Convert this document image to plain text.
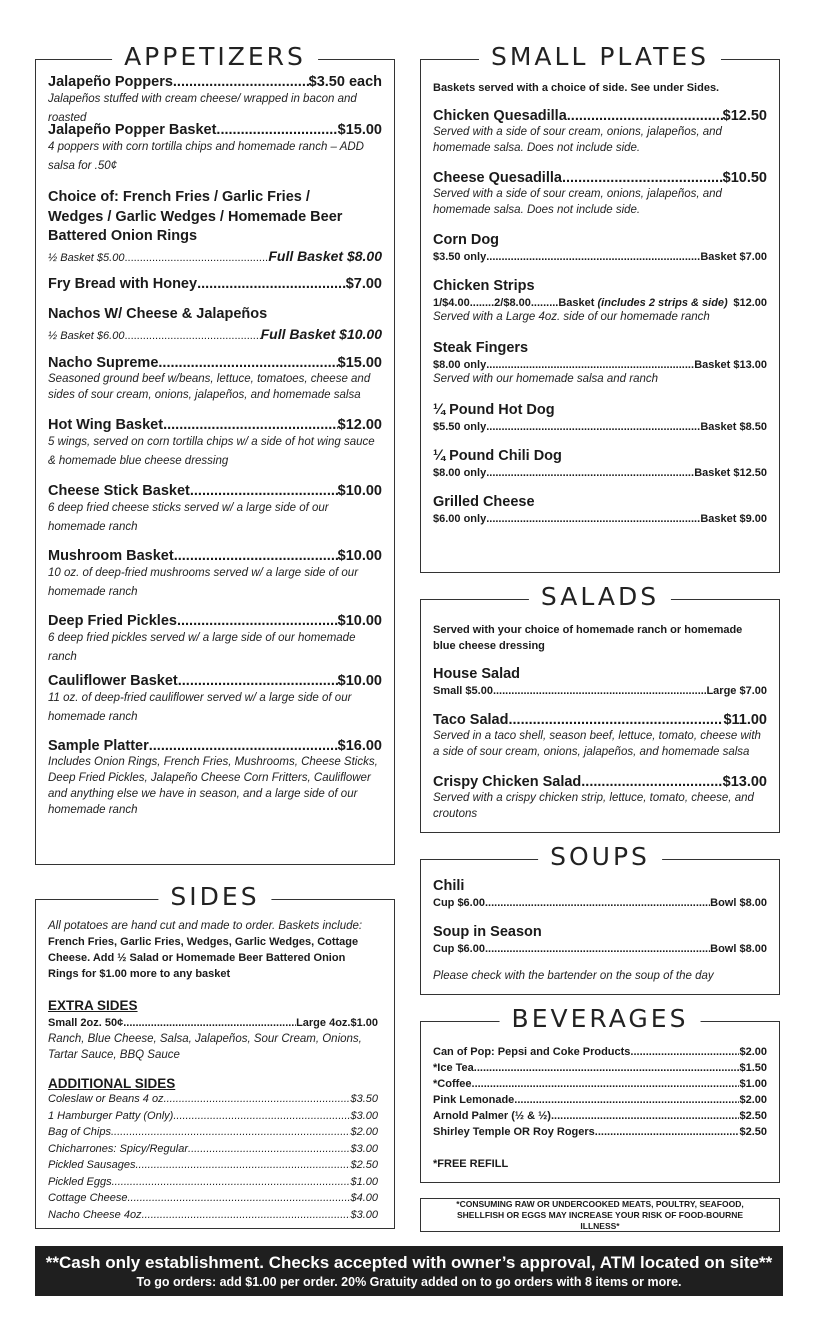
APPETIZERS
Jalapeño Poppers .....	$3.50 each
Jalapeños stuffed with cream cheese/ wrapped in bacon and roasted
Jalapeño Popper Basket .....	$15.00
4 poppers with corn tortilla chips and homemade ranch – ADD salsa for .50¢
Choice of: French Fries / Garlic Fries / Wedges / Garlic Wedges / Homemade Beer Battered Onion Rings
½ Basket $5.00 .....	Full Basket $8.00
Fry Bread with Honey .....	$7.00
Nachos W/ Cheese & Jalapeños
½ Basket $6.00 .....	Full Basket $10.00
Nacho Supreme .....	$15.00
Seasoned ground beef w/beans, lettuce, tomatoes, cheese and sides of sour cream, onions, jalapeños, and homemade salsa
Hot Wing Basket .....	$12.00
5 wings, served on corn tortilla chips w/ a side of hot wing sauce & homemade blue cheese dressing
Cheese Stick Basket .....	$10.00
6 deep fried cheese sticks served w/ a large side of our homemade ranch
Mushroom Basket .....	$10.00
10 oz. of deep-fried mushrooms served w/ a large side of our homemade ranch
Deep Fried Pickles .....	$10.00
6 deep fried pickles served w/ a large side of our homemade ranch
Cauliflower Basket .....	$10.00
11 oz. of deep-fried cauliflower served w/ a large side of our homemade ranch
Sample Platter .....	$16.00
Includes Onion Rings, French Fries, Mushrooms, Cheese Sticks, Deep Fried Pickles, Jalapeño Cheese Corn Fritters, Cauliflower and anything else we have in season, and a large side of our homemade ranch
SIDES
All potatoes are hand cut and made to order. Baskets include:
French Fries, Garlic Fries, Wedges, Garlic Wedges, Cottage Cheese. Add ½ Salad or Homemade Beer Battered Onion Rings for $1.00 more to any basket
EXTRA SIDES
Small 2oz. 50¢ .....	Large 4oz.$1.00
Ranch, Blue Cheese, Salsa, Jalapeños, Sour Cream, Onions, Tartar Sauce, BBQ Sauce
ADDITIONAL SIDES
Coleslaw or Beans 4 oz .....	$3.50
1 Hamburger Patty (Only) .....	$3.00
Bag of Chips .....	$2.00
Chicharrones: Spicy/Regular .....	$3.00
Pickled Sausages .....	$2.50
Pickled Eggs .....	$1.00
Cottage Cheese .....	$4.00
Nacho Cheese 4oz .....	$3.00
SMALL PLATES
Baskets served with a choice of side. See under Sides.
Chicken Quesadilla .....	$12.50
Served with a side of sour cream, onions, jalapeños, and homemade salsa. Does not include side.
Cheese Quesadilla .....	$10.50
Served with a side of sour cream, onions, jalapeños, and homemade salsa. Does not include side.
Corn Dog
$3.50 only .....	Basket $7.00
Chicken Strips
1/$4.00........2/$8.00.........Basket (includes 2 strips & side) $12.00
Served with a Large 4oz. side of our homemade ranch
Steak Fingers
$8.00 only .....	Basket $13.00
Served with our homemade salsa and ranch
¼ Pound Hot Dog
$5.50 only .....	Basket $8.50
¼ Pound Chili Dog
$8.00 only .....	Basket $12.50
Grilled Cheese
$6.00 only .....	Basket $9.00
SALADS
Served with your choice of homemade ranch or homemade blue cheese dressing
House Salad
Small $5.00 .....	Large $7.00
Taco Salad .....	$11.00
Served in a taco shell, season beef, lettuce, tomato, cheese with a side of sour cream, onions, jalapeños, and homemade salsa
Crispy Chicken Salad .....	$13.00
Served with a crispy chicken strip, lettuce, tomato, cheese, and croutons
SOUPS
Chili
Cup $6.00 .....	Bowl $8.00
Soup in Season
Cup $6.00 .....	Bowl $8.00
Please check with the bartender on the soup of the day
BEVERAGES
Can of Pop: Pepsi and Coke Products .....	$2.00
*Ice Tea .....	$1.50
*Coffee .....	$1.00
Pink Lemonade .....	$2.00
Arnold Palmer (½ & ½) .....	$2.50
Shirley Temple OR Roy Rogers .....	$2.50
*FREE REFILL
*CONSUMING RAW OR UNDERCOOKED MEATS, POULTRY, SEAFOOD, SHELLFISH OR EGGS MAY INCREASE YOUR RISK OF FOOD-BOURNE ILLNESS*
**Cash only establishment. Checks accepted with owner’s approval, ATM located on site**
To go orders: add $1.00 per order. 20% Gratuity added on to go orders with 8 items or more.
